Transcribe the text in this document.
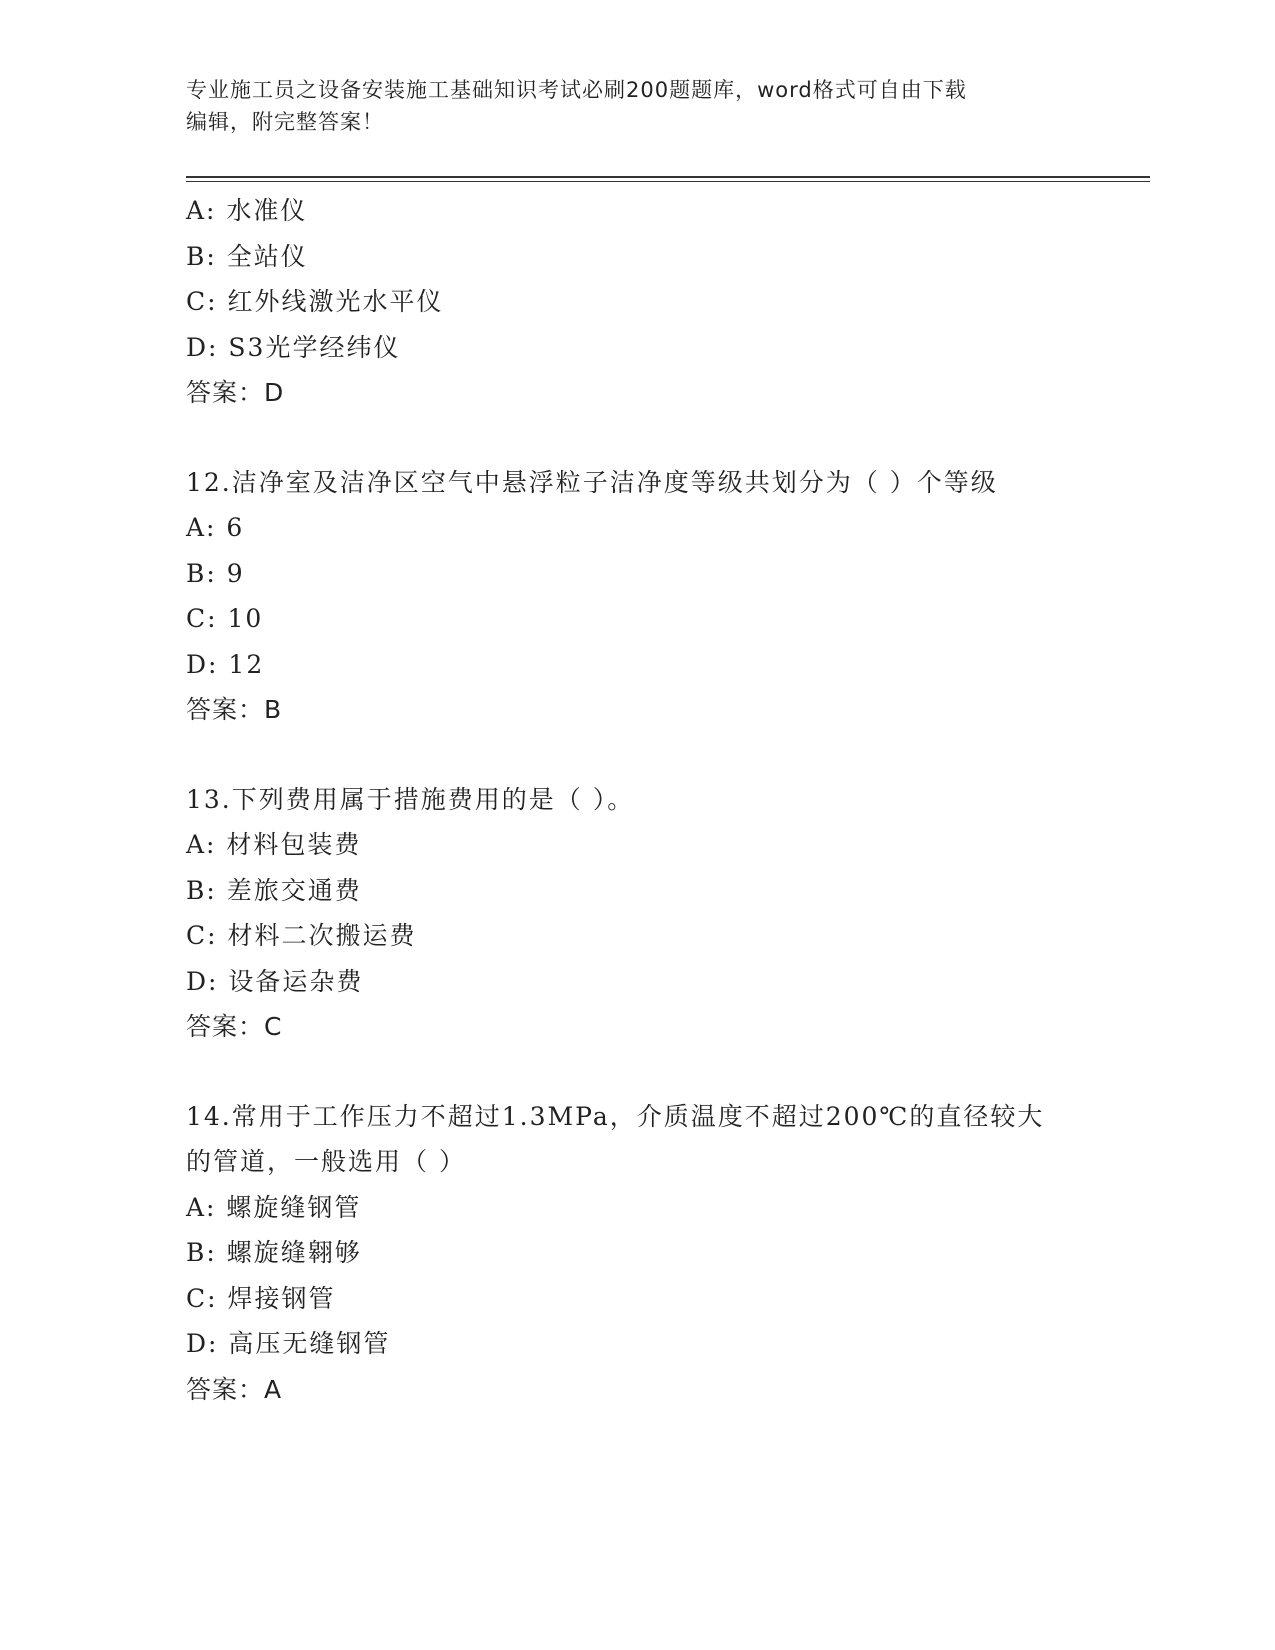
专业施工员之设备安装施工基础知识考试必刷200题题库，word格式可自由下载
编辑，附完整答案！
A: 水准仪
B: 全站仪
C: 红外线激光水平仪
D: S3光学经纬仪
答案：D
12.洁净室及洁净区空气中悬浮粒子洁净度等级共划分为（ ）个等级
A: 6
B: 9
C: 10
D: 12
答案：B
13.下列费用属于措施费用的是（ ）。
A: 材料包装费
B: 差旅交通费
C: 材料二次搬运费
D: 设备运杂费
答案：C
14.常用于工作压力不超过1.3MPa，介质温度不超过200℃的直径较大
的管道，一般选用（ ）
A: 螺旋缝钢管
B: 螺旋缝翱够
C: 焊接钢管
D: 高压无缝钢管
答案：A
